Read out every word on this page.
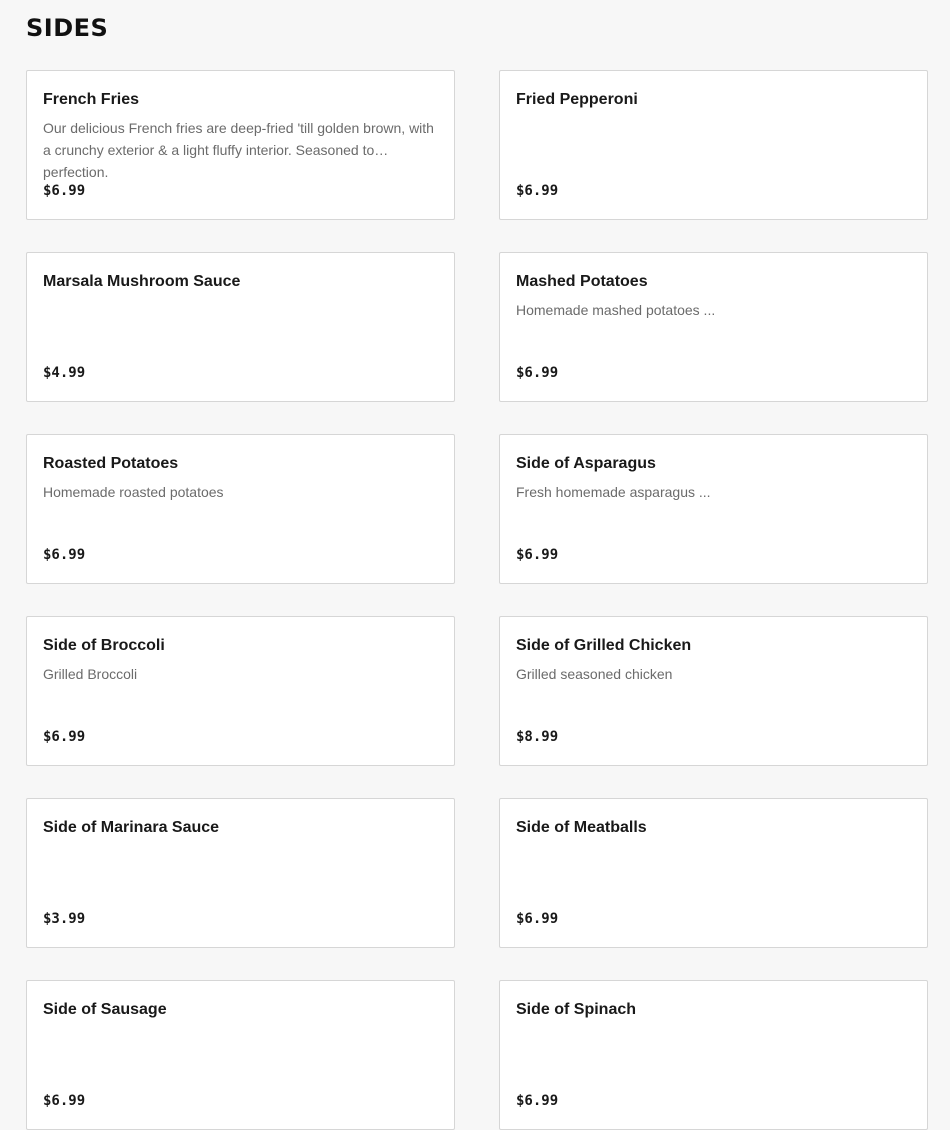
SIDES
French Fries
Our delicious French fries are deep-fried 'till golden brown, with a crunchy exterior & a light fluffy interior. Seasoned to perfection.
$6.99
Fried Pepperoni
$6.99
Marsala Mushroom Sauce
$4.99
Mashed Potatoes
Homemade mashed potatoes ...
$6.99
Roasted Potatoes
Homemade roasted potatoes
$6.99
Side of Asparagus
Fresh homemade asparagus ...
$6.99
Side of Broccoli
Grilled Broccoli
$6.99
Side of Grilled Chicken
Grilled seasoned chicken
$8.99
Side of Marinara Sauce
$3.99
Side of Meatballs
$6.99
Side of Sausage
$6.99
Side of Spinach
$6.99
